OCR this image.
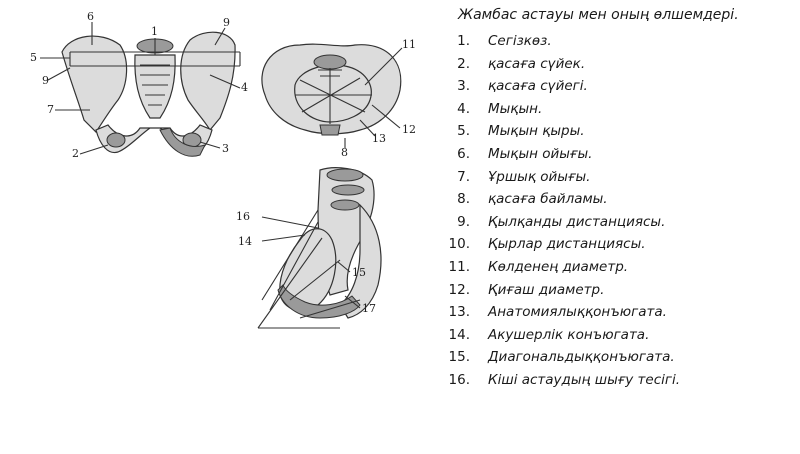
1
2	3
4
5
6
7
9
9
8
11
12
13
16
14
15
17
Жамбас астауы мен оның өлшемдері.
1. Сегізкөз.
2. қасаға сүйек.
3. қасаға сүйегі.
4. Мықын.
5. Мықын қыры.
6. Мықын ойығы.
7. Ұршық ойығы.
8. қасаға байламы.
9. Қылқанды дистанциясы.
10. Қырлар дистанциясы.
11. Көлденең диаметр.
12. Қиғаш диаметр.
13. Анатомиялыққонъюгата.
14. Акушерлік конъюгата.
15. Диагональдыққонъюгата.
16. Кіші астаудың шығу тесігі.
